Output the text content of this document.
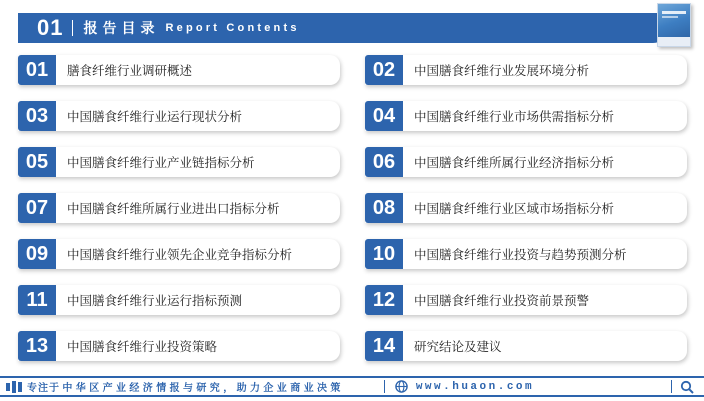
01 报告目录 Report Contents
01	膳食纤维行业调研概述
03	中国膳食纤维行业运行现状分析
05	中国膳食纤维行业产业链指标分析
07	中国膳食纤维所属行业进出口指标分析
09	中国膳食纤维行业领先企业竞争指标分析
11	中国膳食纤维行业运行指标预测
13	中国膳食纤维行业投资策略
02	中国膳食纤维行业发展环境分析
04	中国膳食纤维行业市场供需指标分析
06	中国膳食纤维所属行业经济指标分析
08	中国膳食纤维行业区域市场指标分析
10	中国膳食纤维行业投资与趋势预测分析
12	中国膳食纤维行业投资前景预警
14	研究结论及建议
专注 于中华区产业经济情报与研究，助力企业商业决策	www.huaon.com
